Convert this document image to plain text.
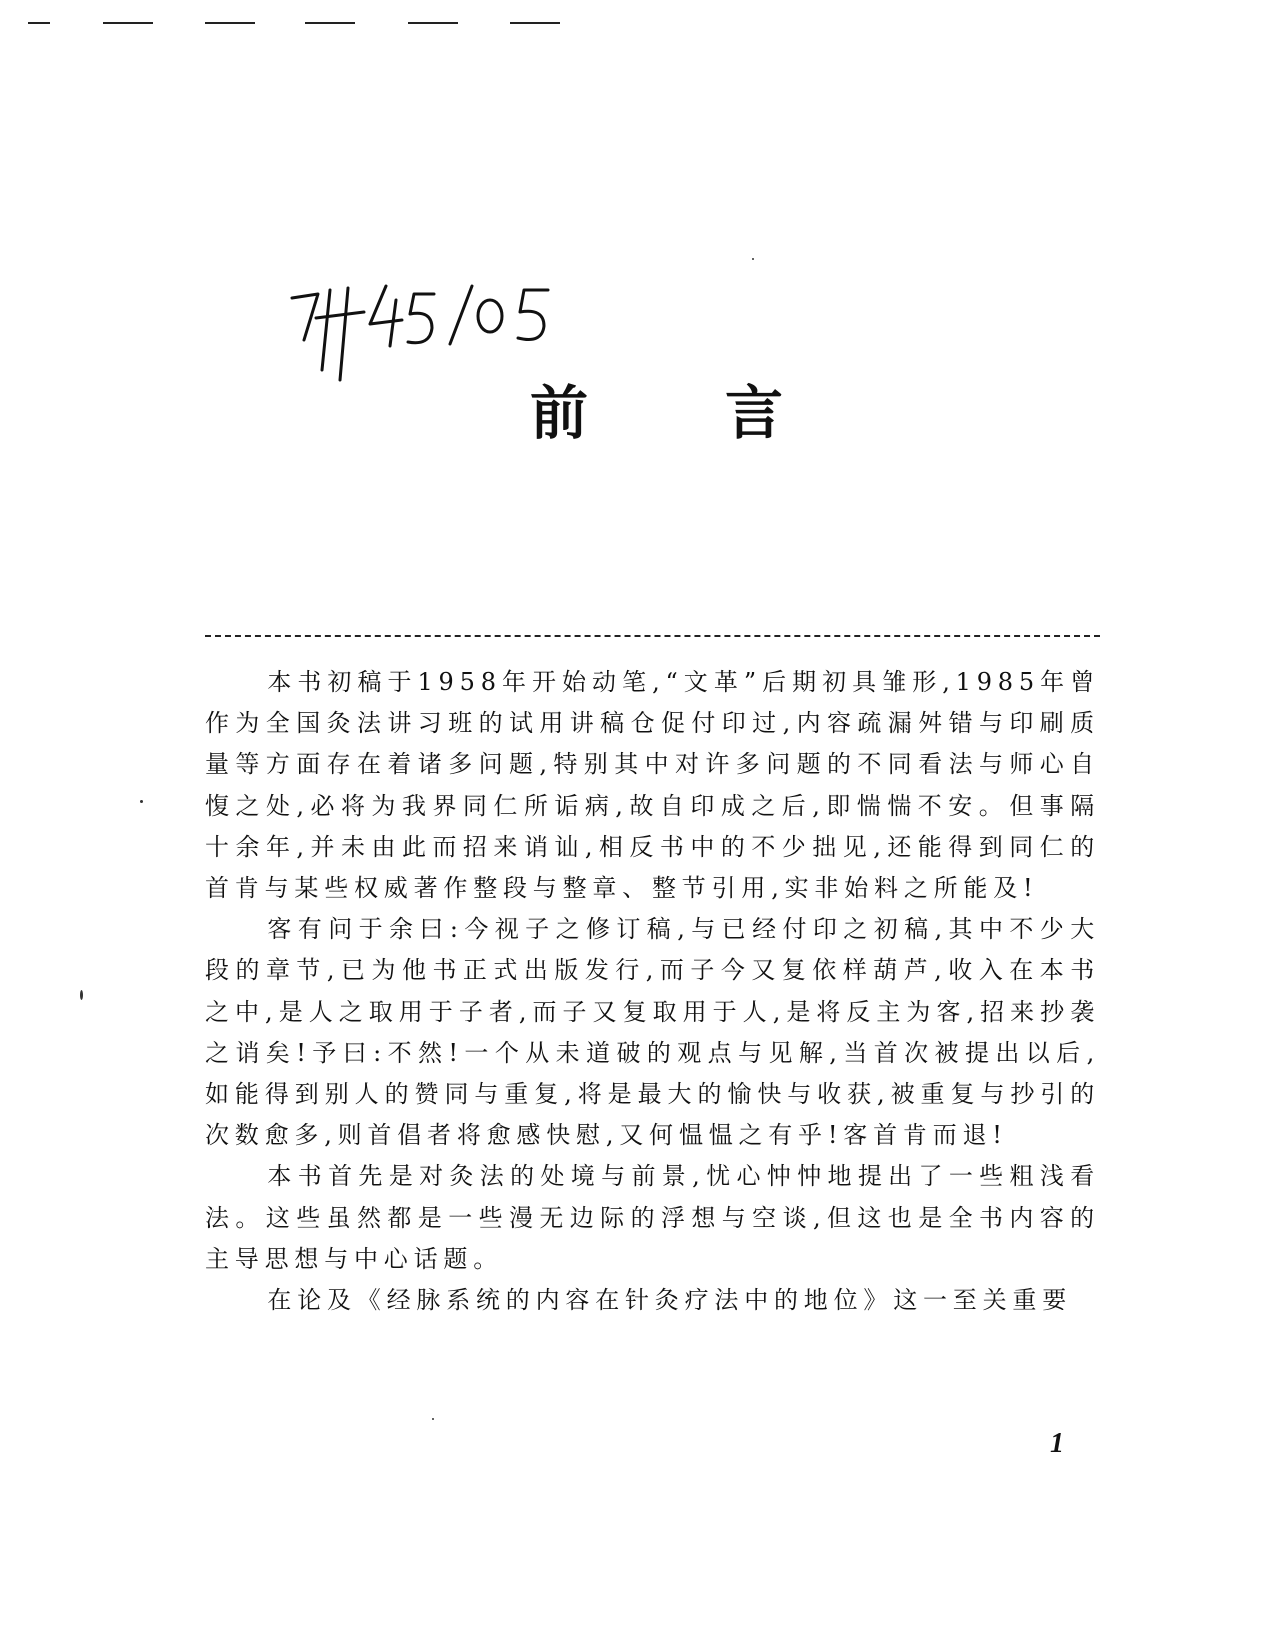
前 言

本书初稿于1958年开始动笔,“文革”后期初具雏形,1985年曾作为全国灸法讲习班的试用讲稿仓促付印过,内容疏漏舛错与印刷质量等方面存在着诸多问题,特别其中对许多问题的不同看法与师心自愎之处,必将为我界同仁所诟病,故自印成之后,即惴惴不安。但事隔十余年,并未由此而招来诮讪,相反书中的不少拙见,还能得到同仁的首肯与某些权威著作整段与整章、整节引用,实非始料之所能及!

客有问于余曰:今视子之修订稿,与已经付印之初稿,其中不少大段的章节,已为他书正式出版发行,而子今又复依样葫芦,收入在本书之中,是人之取用于子者,而子又复取用于人,是将反主为客,招来抄袭之诮矣!予曰:不然!一个从未道破的观点与见解,当首次被提出以后,如能得到别人的赞同与重复,将是最大的愉快与收获,被重复与抄引的次数愈多,则首倡者将愈感快慰,又何愠愠之有乎!客首肯而退!

本书首先是对灸法的处境与前景,忧心忡忡地提出了一些粗浅看法。这些虽然都是一些漫无边际的浮想与空谈,但这也是全书内容的主导思想与中心话题。

在论及《经脉系统的内容在针灸疗法中的地位》这一至关重要

1
